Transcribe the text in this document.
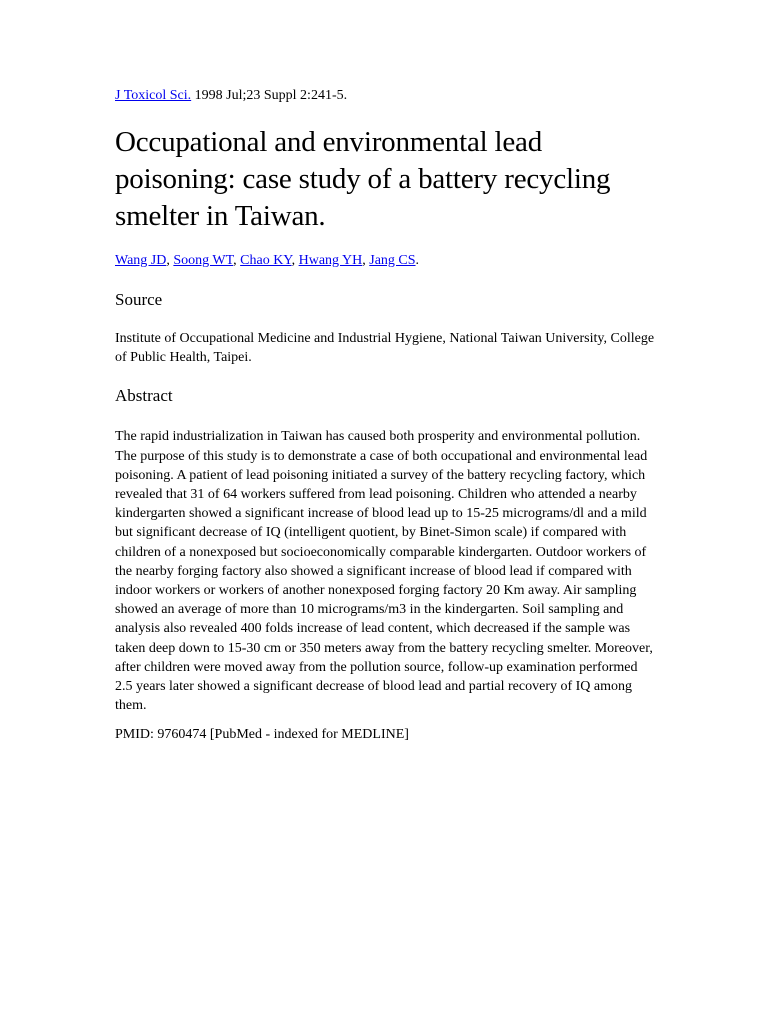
J Toxicol Sci. 1998 Jul;23 Suppl 2:241-5.

Occupational and environmental lead poisoning: case study of a battery recycling smelter in Taiwan.

Wang JD, Soong WT, Chao KY, Hwang YH, Jang CS.

Source

Institute of Occupational Medicine and Industrial Hygiene, National Taiwan University, College of Public Health, Taipei.

Abstract

The rapid industrialization in Taiwan has caused both prosperity and environmental pollution. The purpose of this study is to demonstrate a case of both occupational and environmental lead poisoning. A patient of lead poisoning initiated a survey of the battery recycling factory, which revealed that 31 of 64 workers suffered from lead poisoning. Children who attended a nearby kindergarten showed a significant increase of blood lead up to 15-25 micrograms/dl and a mild but significant decrease of IQ (intelligent quotient, by Binet-Simon scale) if compared with children of a nonexposed but socioeconomically comparable kindergarten. Outdoor workers of the nearby forging factory also showed a significant increase of blood lead if compared with indoor workers or workers of another nonexposed forging factory 20 Km away. Air sampling showed an average of more than 10 micrograms/m3 in the kindergarten. Soil sampling and analysis also revealed 400 folds increase of lead content, which decreased if the sample was taken deep down to 15-30 cm or 350 meters away from the battery recycling smelter. Moreover, after children were moved away from the pollution source, follow-up examination performed 2.5 years later showed a significant decrease of blood lead and partial recovery of IQ among them.

PMID: 9760474 [PubMed - indexed for MEDLINE]
